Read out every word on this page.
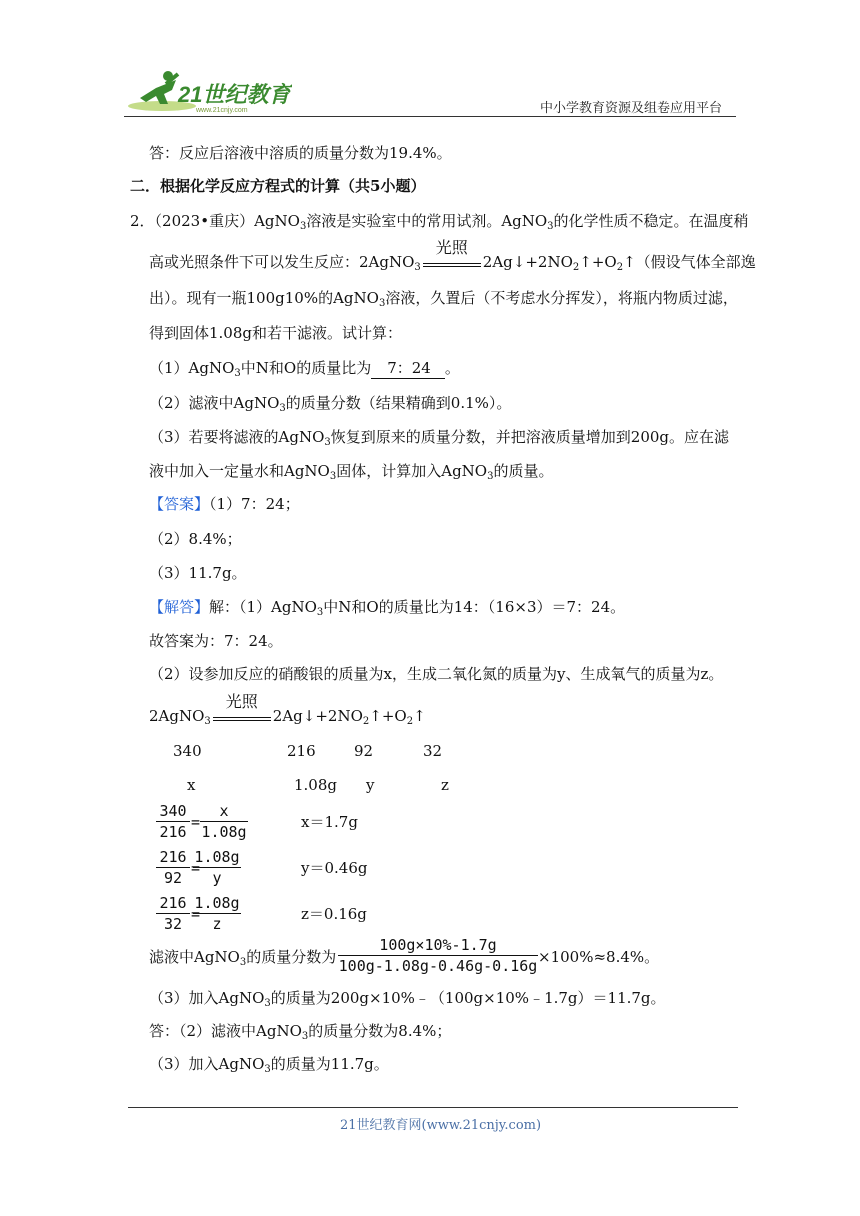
21世纪教育
www.21cnjy.com	中小学教育资源及组卷应用平台
答：反应后溶液中溶质的质量分数为19.4%。
二．根据化学反应方程式的计算（共5小题）
2．（2023•重庆）AgNO$_3$溶液是实验室中的常用试剂。AgNO$_3$的化学性质不稳定。在温度稍
高或光照条件下可以发生反应：2AgNO$_3$
光照
$2Ag↓+2NO_2↑+O_2↑$（假设气体全部逸
出）。现有一瓶100g10%的AgNO$_3$溶液，久置后（不考虑水分挥发），将瓶内物质过滤，
得到固体1.08g和若干滤液。试计算：
（1）AgNO$_3$中N和O的质量比为 7：24 。
（2）滤液中AgNO$_3$的质量分数（结果精确到0.1%）。
（3）若要将滤液的AgNO$_3$恢复到原来的质量分数，并把溶液质量增加到200g。应在滤
液中加入一定量水和AgNO$_3$固体，计算加入AgNO$_3$的质量。
【答案】（1）7：24；
（2）8.4%；
（3）11.7g。
【解答】解：（1）AgNO$_3$中N和O的质量比为14：（16×3）＝7：24。
故答案为：7：24。
（2）设参加反应的硝酸银的质量为x，生成二氧化氮的质量为y、生成氧气的质量为z。
2AgNO$_3$
光照
$2Ag↓+2NO_2↑+O_2↑$
340	216	92	32
x	1.08g y	z
$\frac{340}{216} = \frac{x}{1.08g}$	x＝1.7g
$\frac{216}{92}$ =
$\frac{1.08g}{y}$	y＝0.46g
$\frac{216}{32}$ =
$\frac{1.08g}{z}$	z＝0.16g
滤液中AgNO$_3$的质量分数为 $\frac{100g\times 10\%-1.7g}{100g-1.08g-0.46g-0.16g} \times 100\%\approx 8.4\%$。
（3）加入AgNO$_3$的质量为200g×10%﹣（100g×10%﹣1.7g）＝11.7g。
答：（2）滤液中AgNO$_3$的质量分数为8.4%；
（3）加入AgNO$_3$的质量为11.7g。
21世纪教育网(www.21cnjy.com)
